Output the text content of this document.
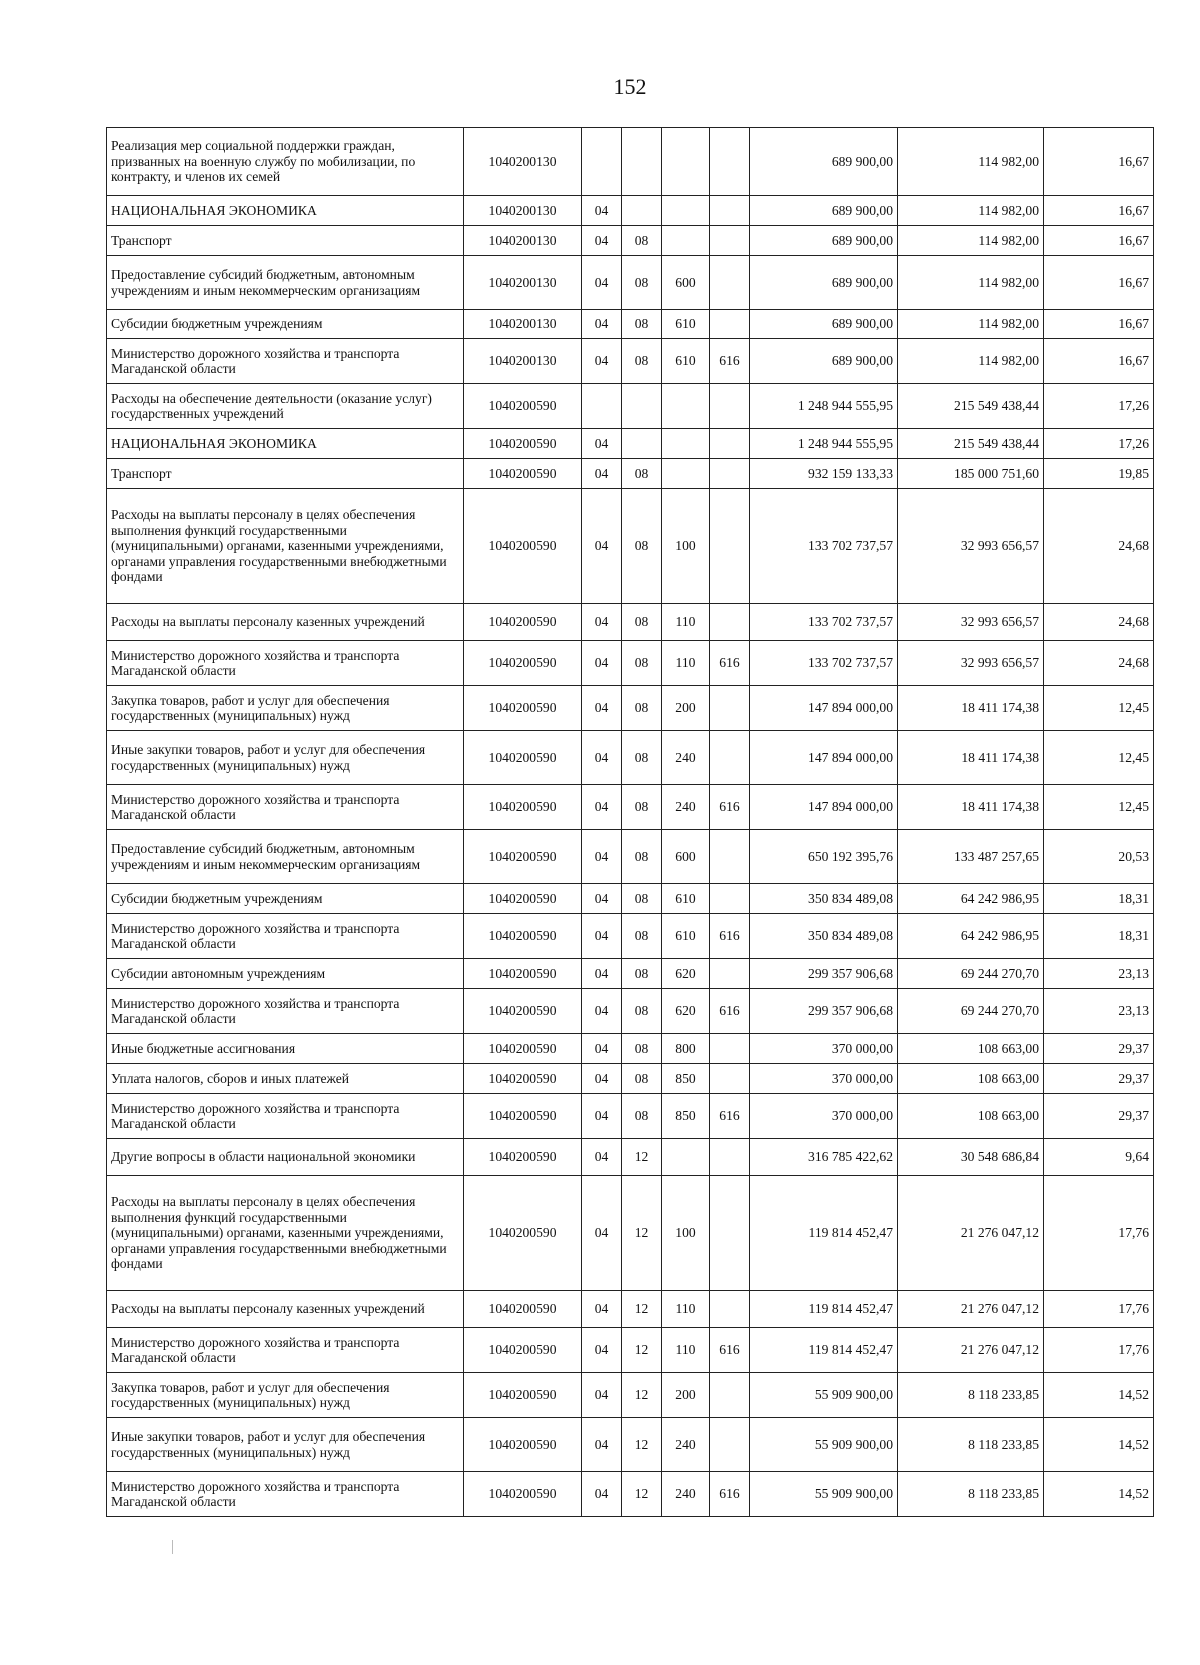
152
Реализация мер социальной поддержки граждан, призванных на военную службу по мобилизации, по контракту, и членов их семей	1040200130					689 900,00	114 982,00	16,67
НАЦИОНАЛЬНАЯ ЭКОНОМИКА	1040200130	04				689 900,00	114 982,00	16,67
Транспорт	1040200130	04	08			689 900,00	114 982,00	16,67
Предоставление субсидий бюджетным, автономным учреждениям и иным некоммерческим организациям	1040200130	04	08	600		689 900,00	114 982,00	16,67
Субсидии бюджетным учреждениям	1040200130	04	08	610		689 900,00	114 982,00	16,67
Министерство дорожного хозяйства и транспорта Магаданской области	1040200130	04	08	610	616	689 900,00	114 982,00	16,67
Расходы на обеспечение деятельности (оказание услуг) государственных учреждений	1040200590					1 248 944 555,95	215 549 438,44	17,26
НАЦИОНАЛЬНАЯ ЭКОНОМИКА	1040200590	04				1 248 944 555,95	215 549 438,44	17,26
Транспорт	1040200590	04	08			932 159 133,33	185 000 751,60	19,85
Расходы на выплаты персоналу в целях обеспечения выполнения функций государственными (муниципальными) органами, казенными учреждениями, органами управления государственными внебюджетными фондами	1040200590	04	08	100		133 702 737,57	32 993 656,57	24,68
Расходы на выплаты персоналу казенных учреждений	1040200590	04	08	110		133 702 737,57	32 993 656,57	24,68
Министерство дорожного хозяйства и транспорта Магаданской области	1040200590	04	08	110	616	133 702 737,57	32 993 656,57	24,68
Закупка товаров, работ и услуг для обеспечения государственных (муниципальных) нужд	1040200590	04	08	200		147 894 000,00	18 411 174,38	12,45
Иные закупки товаров, работ и услуг для обеспечения государственных (муниципальных) нужд	1040200590	04	08	240		147 894 000,00	18 411 174,38	12,45
Министерство дорожного хозяйства и транспорта Магаданской области	1040200590	04	08	240	616	147 894 000,00	18 411 174,38	12,45
Предоставление субсидий бюджетным, автономным учреждениям и иным некоммерческим организациям	1040200590	04	08	600		650 192 395,76	133 487 257,65	20,53
Субсидии бюджетным учреждениям	1040200590	04	08	610		350 834 489,08	64 242 986,95	18,31
Министерство дорожного хозяйства и транспорта Магаданской области	1040200590	04	08	610	616	350 834 489,08	64 242 986,95	18,31
Субсидии автономным учреждениям	1040200590	04	08	620		299 357 906,68	69 244 270,70	23,13
Министерство дорожного хозяйства и транспорта Магаданской области	1040200590	04	08	620	616	299 357 906,68	69 244 270,70	23,13
Иные бюджетные ассигнования	1040200590	04	08	800		370 000,00	108 663,00	29,37
Уплата налогов, сборов и иных платежей	1040200590	04	08	850		370 000,00	108 663,00	29,37
Министерство дорожного хозяйства и транспорта Магаданской области	1040200590	04	08	850	616	370 000,00	108 663,00	29,37
Другие вопросы в области национальной экономики	1040200590	04	12			316 785 422,62	30 548 686,84	9,64
Расходы на выплаты персоналу в целях обеспечения выполнения функций государственными (муниципальными) органами, казенными учреждениями, органами управления государственными внебюджетными фондами	1040200590	04	12	100		119 814 452,47	21 276 047,12	17,76
Расходы на выплаты персоналу казенных учреждений	1040200590	04	12	110		119 814 452,47	21 276 047,12	17,76
Министерство дорожного хозяйства и транспорта Магаданской области	1040200590	04	12	110	616	119 814 452,47	21 276 047,12	17,76
Закупка товаров, работ и услуг для обеспечения государственных (муниципальных) нужд	1040200590	04	12	200		55 909 900,00	8 118 233,85	14,52
Иные закупки товаров, работ и услуг для обеспечения государственных (муниципальных) нужд	1040200590	04	12	240		55 909 900,00	8 118 233,85	14,52
Министерство дорожного хозяйства и транспорта Магаданской области	1040200590	04	12	240	616	55 909 900,00	8 118 233,85	14,52
